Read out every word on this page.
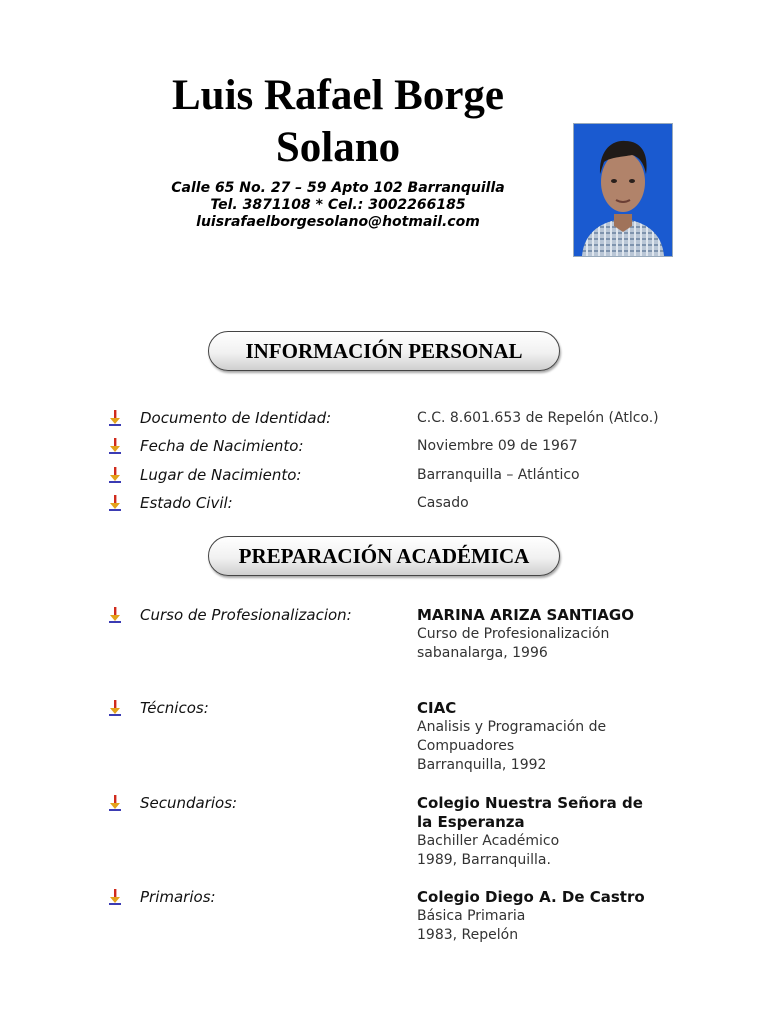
Luis Rafael Borge
Solano
Calle 65 No. 27 – 59 Apto 102 Barranquilla
Tel. 3871108 * Cel.: 3002266185
luisrafaelborgesolano@hotmail.com
INFORMACIÓN PERSONAL
Documento de Identidad:	C.C. 8.601.653 de Repelón (Atlco.)
Fecha de Nacimiento:	Noviembre 09 de 1967
Lugar de Nacimiento:	Barranquilla – Atlántico
Estado Civil:	Casado
PREPARACIÓN ACADÉMICA
Curso de Profesionalizacion:	MARINA ARIZA SANTIAGO
Curso de Profesionalización
sabanalarga, 1996
Técnicos:	CIAC
Analisis y Programación de
Compuadores
Barranquilla, 1992
Secundarios:	Colegio Nuestra Señora de la Esperanza
Bachiller Académico
1989, Barranquilla.
Primarios:	Colegio Diego A. De Castro
Básica Primaria
1983, Repelón
